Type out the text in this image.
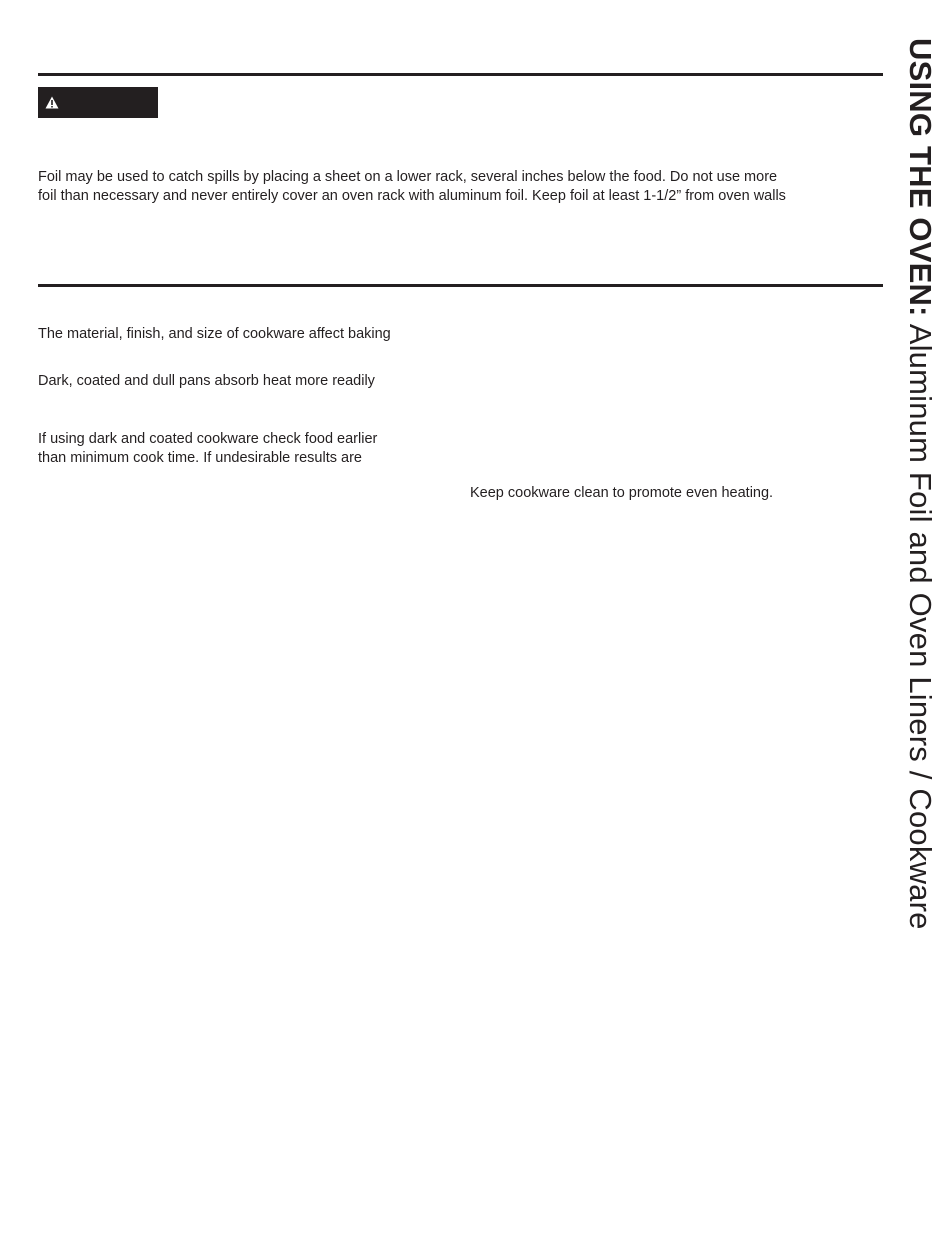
Foil may be used to catch spills by placing a sheet on a lower rack, several inches below the food. Do not use more
foil than necessary and never entirely cover an oven rack with aluminum foil. Keep foil at least 1-1/2” from oven walls
The material, finish, and size of cookware affect baking
Dark, coated and dull pans absorb heat more readily
If using dark and coated cookware check food earlier
than minimum cook time. If undesirable results are
Keep cookware clean to promote even heating.
USING THE OVEN: Aluminum Foil and Oven Liners / Cookware
